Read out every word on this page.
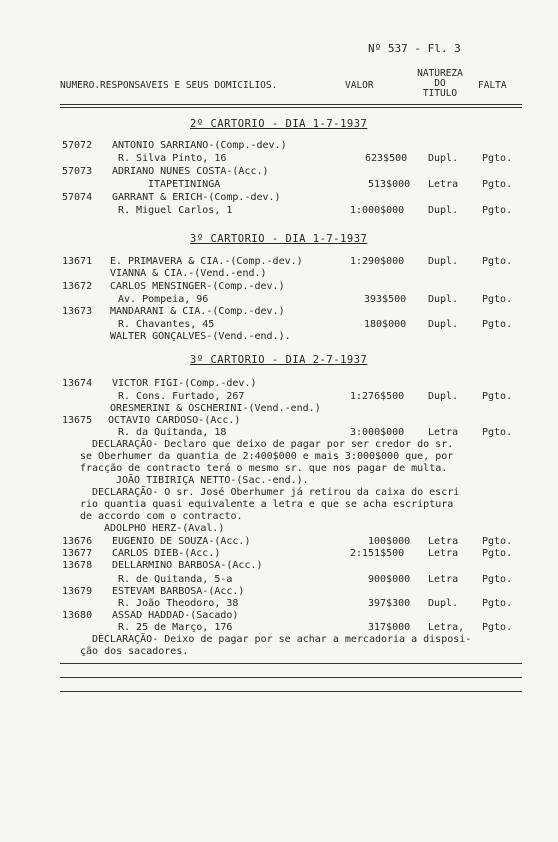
Nº 537 - Fl. 3
NUMERO.RESPONSAVEIS E SEUS DOMICILIOS.	VALOR
NATUREZA
DO
TITULO
FALTA
2º CARTORIO - DIA 1-7-1937
57072 ANTONIO SARRIANO-(Comp.-dev.)
R. Silva Pinto, 16	623$500 Dupl. Pgto.
57073 ADRIANO NUNES COSTA-(Acc.)
ITAPETININGA	513$000 Letra Pgto.
57074 GARRANT & ERICH-(Comp.-dev.)
R. Miguel Carlos, 1	1:000$000 Dupl. Pgto.
3º CARTORIO - DIA 1-7-1937
13671 E. PRIMAVERA & CIA.-(Comp.-dev.)	1:290$000 Dupl. Pgto.
VIANNA & CIA.-(Vend.-end.)
13672 CARLOS MENSINGER-(Comp.-dev.)
Av. Pompeia, 96	393$500 Dupl. Pgto.
13673 MANDARANI & CIA.-(Comp.-dev.)
R. Chavantes, 45	180$000 Dupl. Pgto.
WALTER GONÇALVES-(Vend.-end.).
3º CARTORIO - DIA 2-7-1937
13674 VICTOR FIGI-(Comp.-dev.)
R. Cons. Furtado, 267	1:276$500 Dupl. Pgto.
ORESMERINI & OSCHERINI-(Vend.-end.)
13675 OCTAVIO CARDOSO-(Acc.)
R. da Quitanda, 18	3:000$000 Letra Pgto.
DECLARAÇÃO- Declaro que deixo de pagar por ser credor do sr.
se Oberhumer da quantia de 2:400$000 e mais 3:000$000 que, por
fracção de contracto terá o mesmo sr. que nos pagar de multa.
JOÃO TIBIRIÇA NETTO-(Sac.-end.).
DECLARAÇÃO- O sr. José Oberhumer já retirou da caixa do escri
rio quantia quasi equivalente a letra e que se acha escriptura
de accordo com o contracto.
ADOLPHO HERZ-(Aval.)
13676 EUGENIO DE SOUZA-(Acc.)	100$000 Letra Pgto.
13677 CARLOS DIEB-(Acc.)	2:151$500 Letra Pgto.
13678 DELLARMINO BARBOSA-(Acc.)
R. de Quitanda, 5-a	900$000 Letra Pgto.
13679 ESTEVAM BARBOSA-(Acc.)
R. João Theodoro, 38	397$300 Dupl. Pgto.
13680 ASSAD HADDAD-(Sacado)
R. 25 de Março, 176	317$000 Letra, Pgto.
DECLARAÇÃO- Deixo de pagar por se achar a mercadoria a disposi-
ção dos sacadores.
